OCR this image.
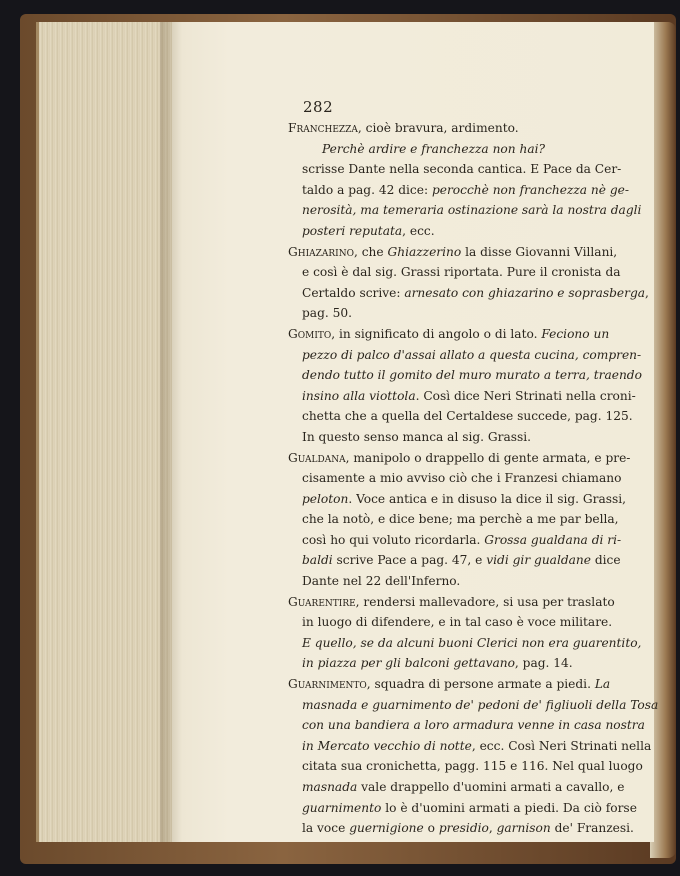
282
Franchezza, cioè bravura, ardimento.
Perchè ardire e franchezza non hai?
scrisse Dante nella seconda cantica. E Pace da Cer-
taldo a pag. 42 dice: perocchè non franchezza nè ge-
nerosità, ma temeraria ostinazione sarà la nostra dagli
posteri reputata, ecc.
Ghiazarino, che Ghiazzerino la disse Giovanni Villani,
e così è dal sig. Grassi riportata. Pure il cronista da
Certaldo scrive: arnesato con ghiazarino e soprasberga,
pag. 50.
Gomito, in significato di angolo o di lato. Feciono un
pezzo di palco d'assai allato a questa cucina, compren-
dendo tutto il gomito del muro murato a terra, traendo
insino alla viottola. Così dice Neri Strinati nella croni-
chetta che a quella del Certaldese succede, pag. 125.
In questo senso manca al sig. Grassi.
Gualdana, manipolo o drappello di gente armata, e pre-
cisamente a mio avviso ciò che i Franzesi chiamano
peloton. Voce antica e in disuso la dice il sig. Grassi,
che la notò, e dice bene; ma perchè a me par bella,
così ho qui voluto ricordarla. Grossa gualdana di ri-
baldi scrive Pace a pag. 47, e vidi gir gualdane dice
Dante nel 22 dell'Inferno.
Guarentire, rendersi mallevadore, si usa per traslato
in luogo di difendere, e in tal caso è voce militare.
E quello, se da alcuni buoni Clerici non era guarentito,
in piazza per gli balconi gettavano, pag. 14.
Guarnimento, squadra di persone armate a piedi. La
masnada e guarnimento de' pedoni de' figliuoli della Tosa
con una bandiera a loro armadura venne in casa nostra
in Mercato vecchio di notte, ecc. Così Neri Strinati nella
citata sua cronichetta, pagg. 115 e 116. Nel qual luogo
masnada vale drappello d'uomini armati a cavallo, e
guarnimento lo è d'uomini armati a piedi. Da ciò forse
la voce guernigione o presidio, garnison de' Franzesi.
